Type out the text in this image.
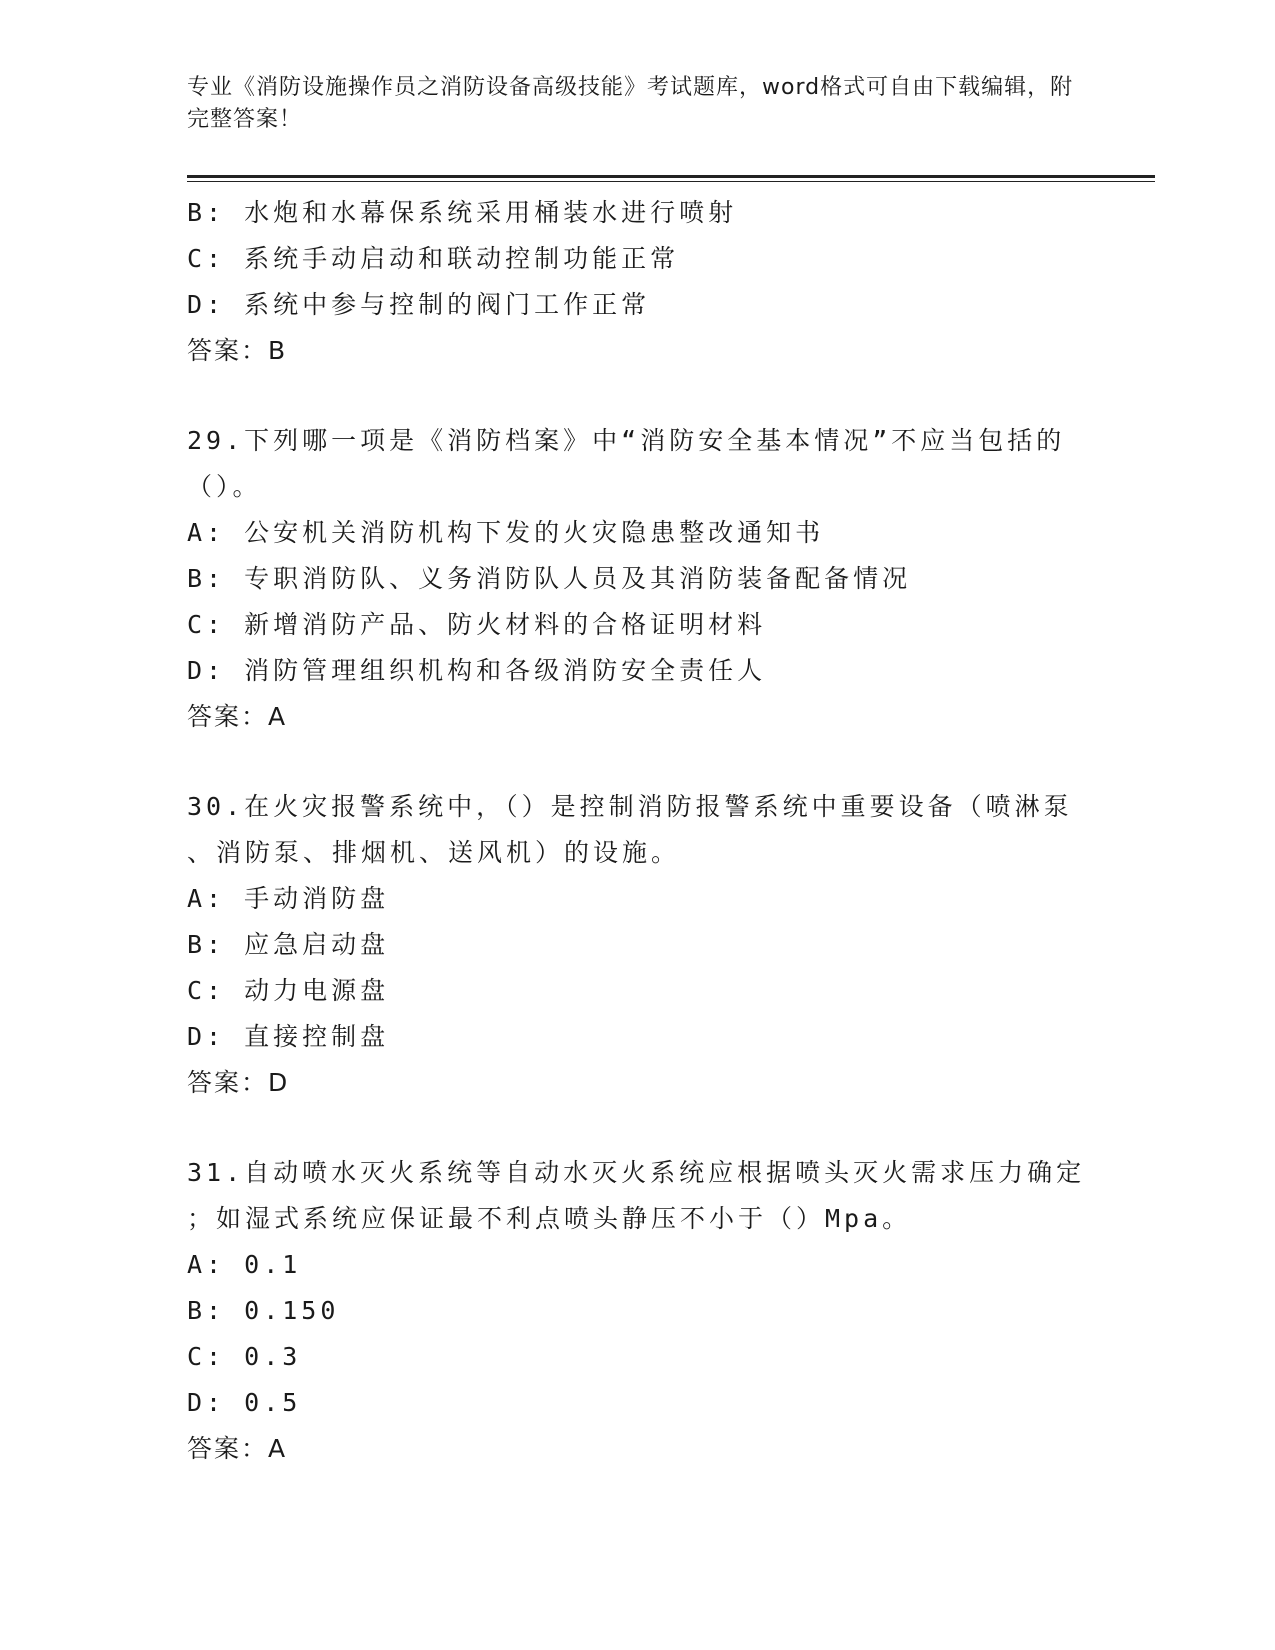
专业《消防设施操作员之消防设备高级技能》考试题库，word格式可自由下载编辑，附完整答案！
B: 水炮和水幕保系统采用桶装水进行喷射
C: 系统手动启动和联动控制功能正常
D: 系统中参与控制的阀门工作正常
答案：B
29.下列哪一项是《消防档案》中“消防安全基本情况”不应当包括的
（）。
A: 公安机关消防机构下发的火灾隐患整改通知书
B: 专职消防队、义务消防队人员及其消防装备配备情况
C: 新增消防产品、防火材料的合格证明材料
D: 消防管理组织机构和各级消防安全责任人
答案：A
30.在火灾报警系统中，（）是控制消防报警系统中重要设备（喷淋泵
、消防泵、排烟机、送风机）的设施。
A: 手动消防盘
B: 应急启动盘
C: 动力电源盘
D: 直接控制盘
答案：D
31.自动喷水灭火系统等自动水灭火系统应根据喷头灭火需求压力确定
；如湿式系统应保证最不利点喷头静压不小于（）Mpa。
A: 0.1
B: 0.150
C: 0.3
D: 0.5
答案：A
